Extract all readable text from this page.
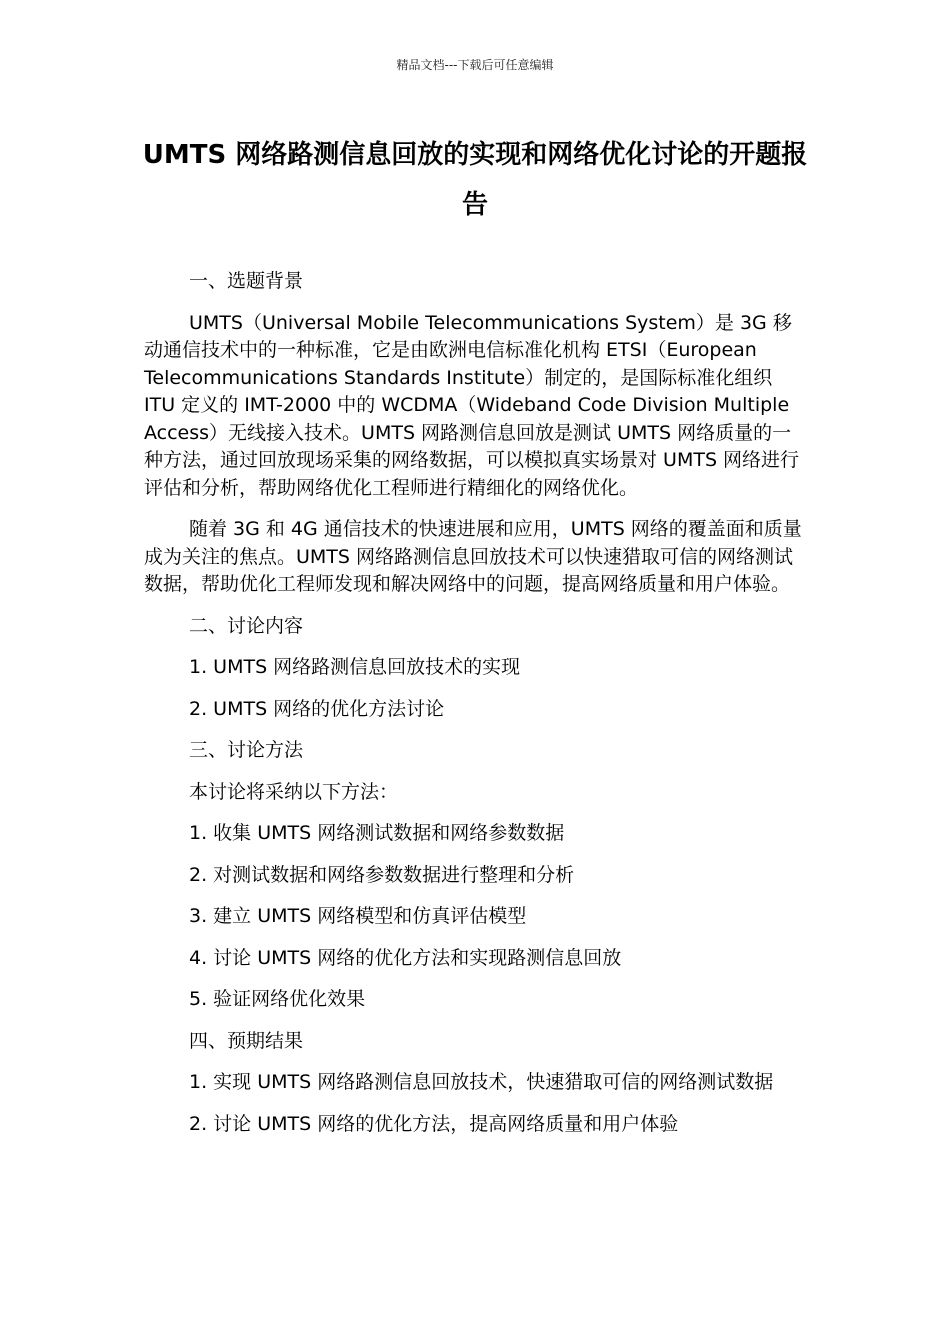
精品文档---下载后可任意编辑
UMTS 网络路测信息回放的实现和网络优化讨论的开题报告

一、选题背景

UMTS（Universal Mobile Telecommunications System）是 3G 移动通信技术中的一种标准，它是由欧洲电信标准化机构 ETSI（European Telecommunications Standards Institute）制定的，是国际标准化组织 ITU 定义的 IMT-2000 中的 WCDMA（Wideband Code Division Multiple Access）无线接入技术。UMTS 网路测信息回放是测试 UMTS 网络质量的一种方法，通过回放现场采集的网络数据，可以模拟真实场景对 UMTS 网络进行评估和分析，帮助网络优化工程师进行精细化的网络优化。

随着 3G 和 4G 通信技术的快速进展和应用，UMTS 网络的覆盖面和质量成为关注的焦点。UMTS 网络路测信息回放技术可以快速猎取可信的网络测试数据，帮助优化工程师发现和解决网络中的问题，提高网络质量和用户体验。

二、讨论内容

1. UMTS 网络路测信息回放技术的实现

2. UMTS 网络的优化方法讨论

三、讨论方法

本讨论将采纳以下方法：

1. 收集 UMTS 网络测试数据和网络参数数据

2. 对测试数据和网络参数数据进行整理和分析

3. 建立 UMTS 网络模型和仿真评估模型

4. 讨论 UMTS 网络的优化方法和实现路测信息回放

5. 验证网络优化效果

四、预期结果

1. 实现 UMTS 网络路测信息回放技术，快速猎取可信的网络测试数据

2. 讨论 UMTS 网络的优化方法，提高网络质量和用户体验
